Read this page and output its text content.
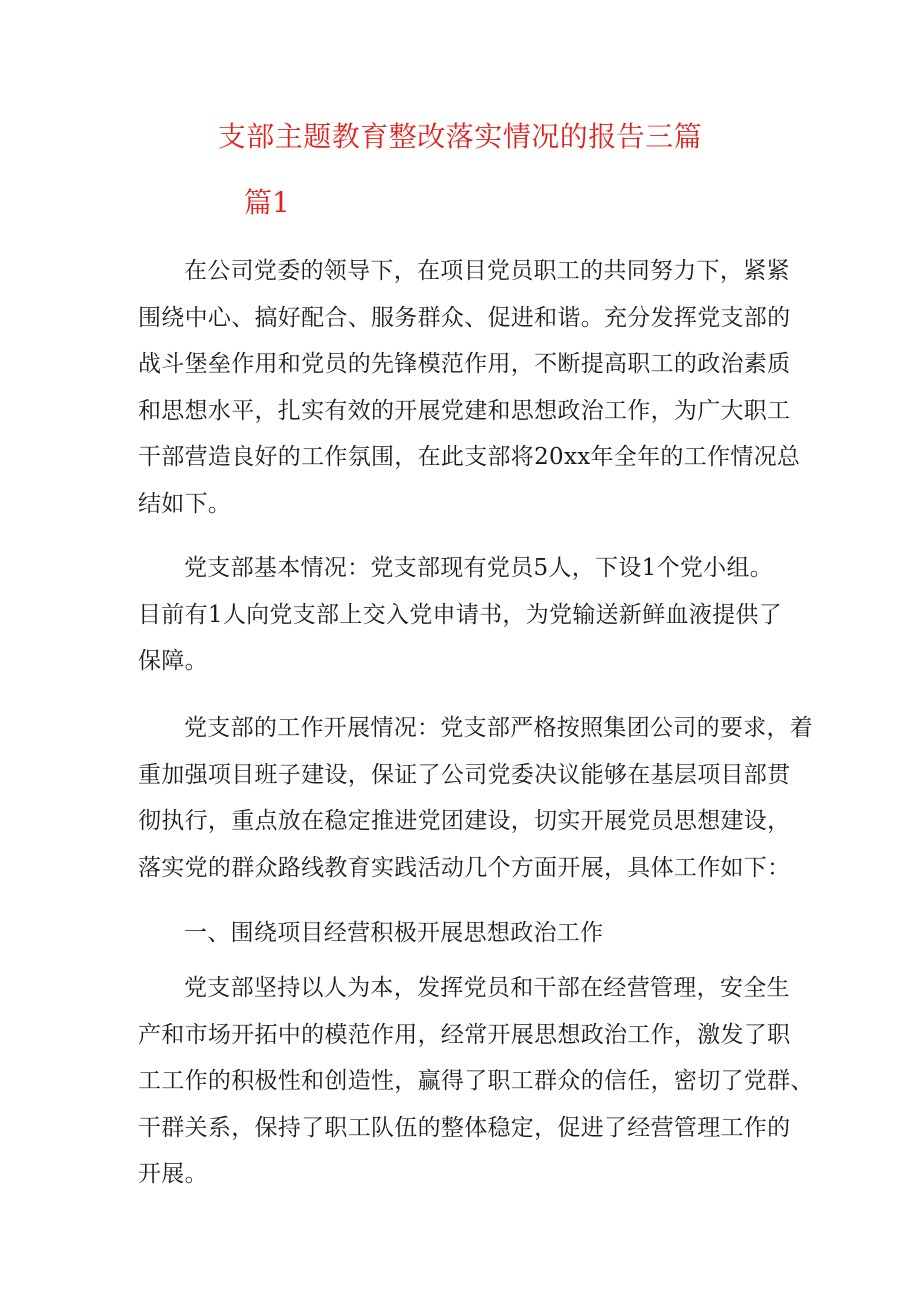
支部主题教育整改落实情况的报告三篇
篇1
在公司党委的领导下，在项目党员职工的共同努力下，紧紧
围绕中心、搞好配合、服务群众、促进和谐。充分发挥党支部的
战斗堡垒作用和党员的先锋模范作用，不断提高职工的政治素质
和思想水平，扎实有效的开展党建和思想政治工作，为广大职工
干部营造良好的工作氛围，在此支部将20xx年全年的工作情况总
结如下。
党支部基本情况：党支部现有党员5人，下设1个党小组。
目前有1人向党支部上交入党申请书，为党输送新鲜血液提供了
保障。
党支部的工作开展情况：党支部严格按照集团公司的要求，着
重加强项目班子建设，保证了公司党委决议能够在基层项目部贯
彻执行，重点放在稳定推进党团建设，切实开展党员思想建设，
落实党的群众路线教育实践活动几个方面开展，具体工作如下：
一、围绕项目经营积极开展思想政治工作
党支部坚持以人为本，发挥党员和干部在经营管理，安全生
产和市场开拓中的模范作用，经常开展思想政治工作，激发了职
工工作的积极性和创造性，赢得了职工群众的信任，密切了党群、
干群关系，保持了职工队伍的整体稳定，促进了经营管理工作的
开展。
